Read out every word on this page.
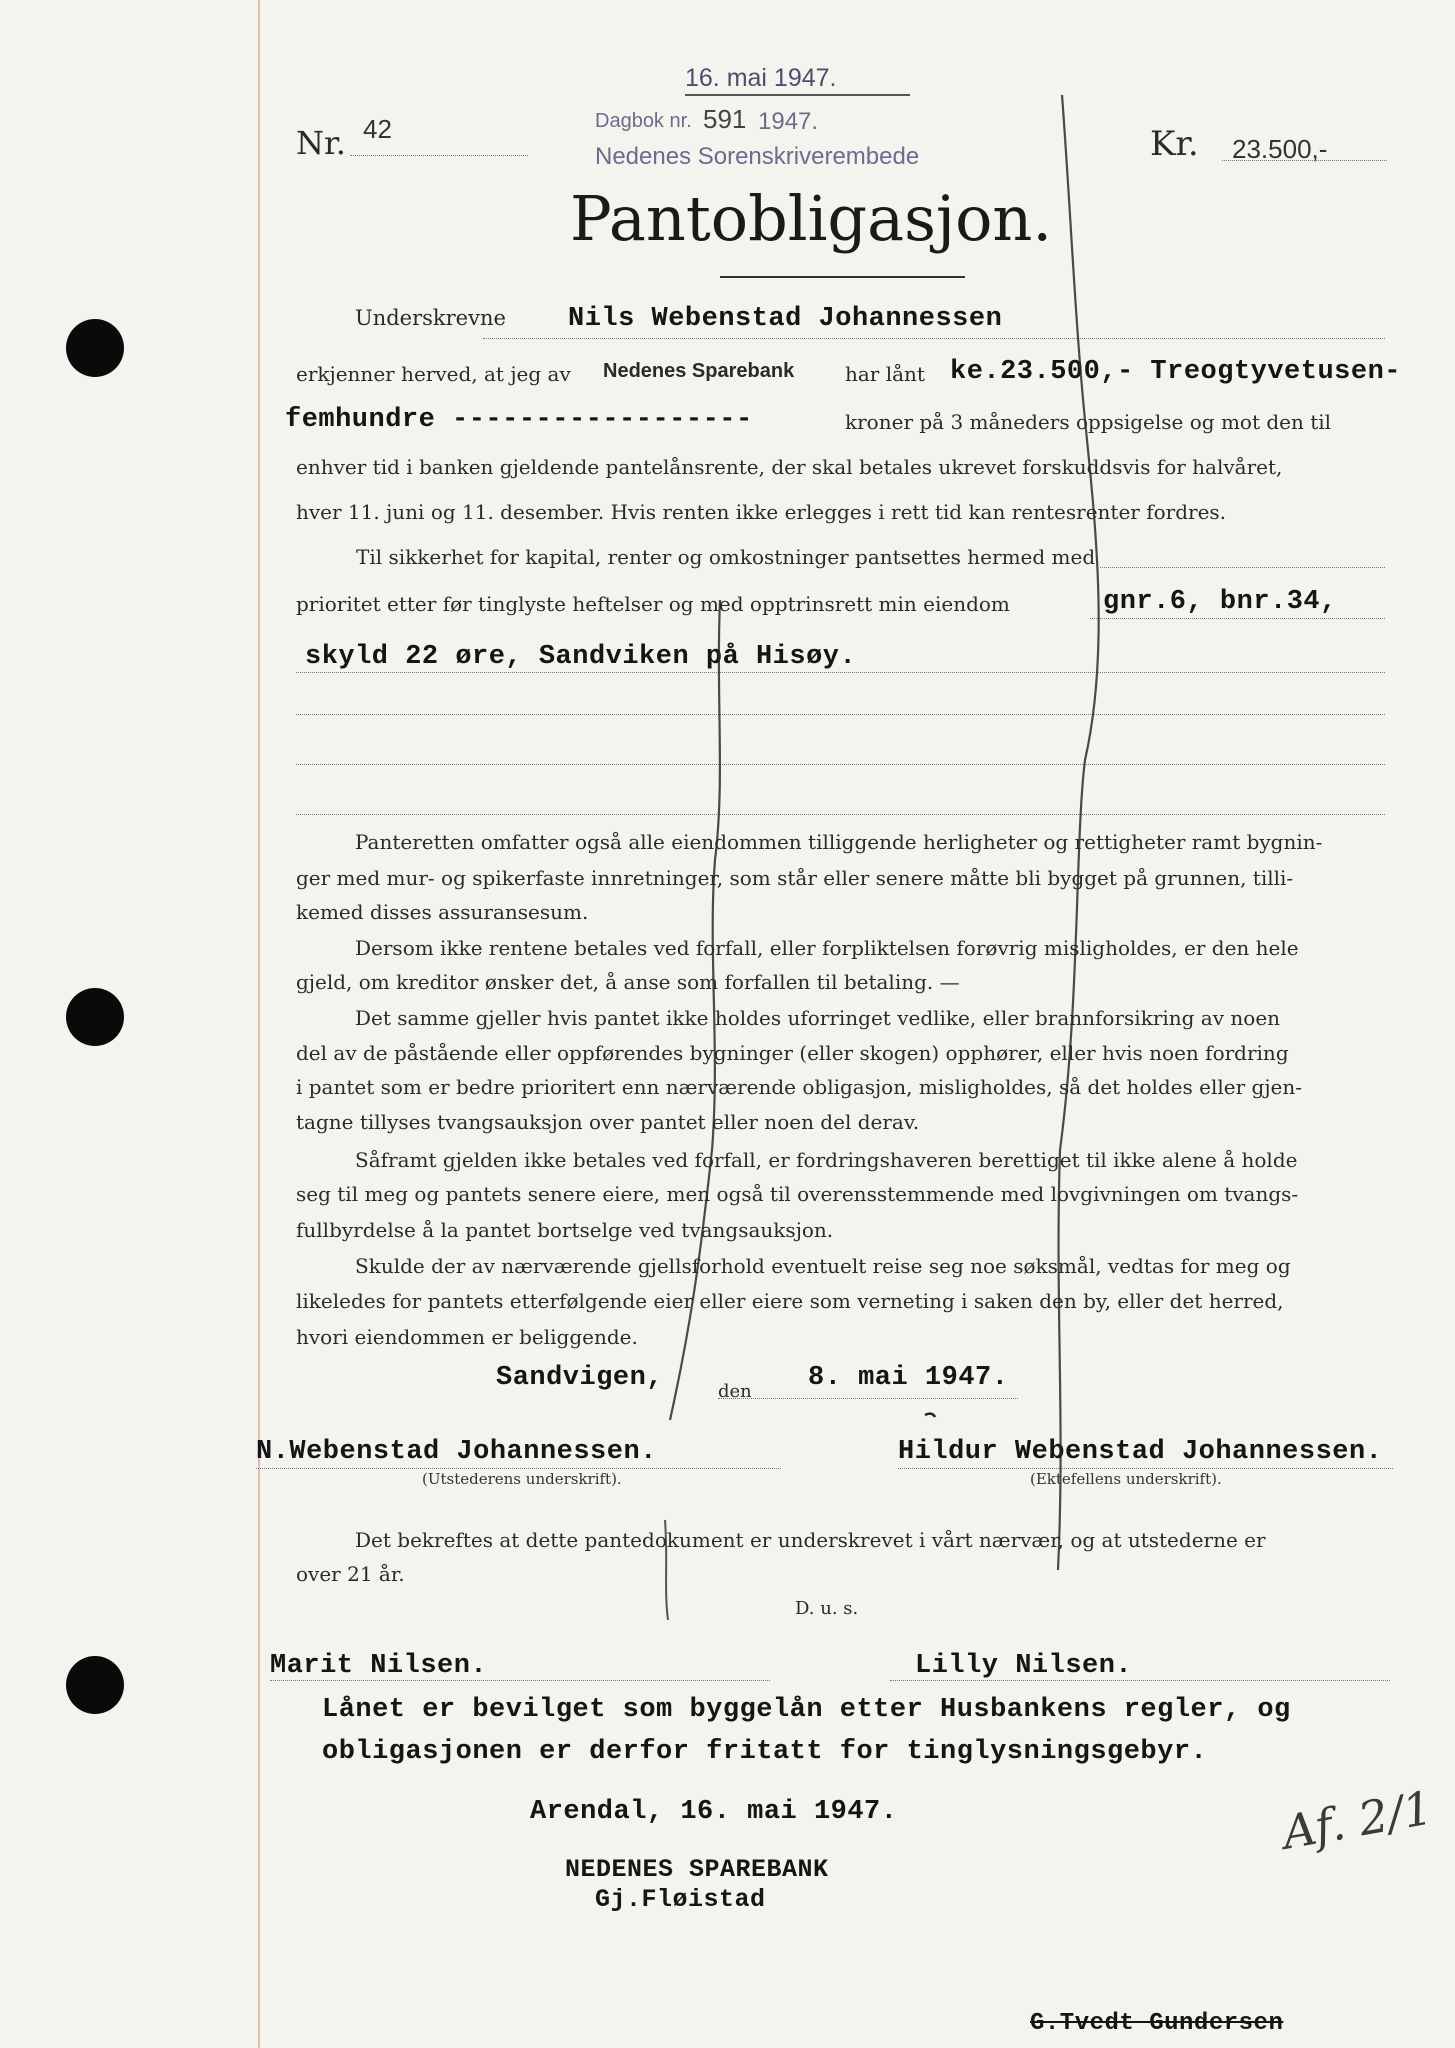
16. mai 1947.
Nr. 42	Dagbok nr. 591 1947.
Nedenes Sorenskriverembede	Kr. 23.500,-
Pantobligasjon.
Underskrevne Nils Webenstad Johannessen
erkjenner herved, at jeg av Nedenes Sparebank	har lånt ke.23.500,- Treogtyvetusen-
femhundre ------------------	kroner på 3 måneders oppsigelse og mot den til
enhver tid i banken gjeldende pantelånsrente, der skal betales ukrevet forskuddsvis for halvåret,
hver 11. juni og 11. desember. Hvis renten ikke erlegges i rett tid kan rentesrenter fordres.
Til sikkerhet for kapital, renter og omkostninger pantsettes hermed med
prioritet etter før tinglyste heftelser og med opptrinsrett min eiendom	gnr.6, bnr.34,
skyld 22 øre, Sandviken på Hisøy.
Panteretten omfatter også alle eiendommen tilliggende herligheter og rettigheter ramt bygnin-
ger med mur- og spikerfaste innretninger, som står eller senere måtte bli bygget på grunnen, tilli-
kemed disses assuransesum.
Dersom ikke rentene betales ved forfall, eller forpliktelsen forøvrig misligholdes, er den hele
gjeld, om kreditor ønsker det, å anse som forfallen til betaling. —
Det samme gjeller hvis pantet ikke holdes uforringet vedlike, eller brannforsikring av noen
del av de påstående eller oppførendes bygninger (eller skogen) opphører, eller hvis noen fordring
i pantet som er bedre prioritert enn nærværende obligasjon, misligholdes, så det holdes eller gjen-
tagne tillyses tvangsauksjon over pantet eller noen del derav.
Såframt gjelden ikke betales ved forfall, er fordringshaveren berettiget til ikke alene å holde
seg til meg og pantets senere eiere, men også til overensstemmende med lovgivningen om tvangs-
fullbyrdelse å la pantet bortselge ved tvangsauksjon.
Skulde der av nærværende gjellsforhold eventuelt reise seg noe søksmål, vedtas for meg og
likeledes for pantets etterfølgende eier eller eiere som verneting i saken den by, eller det herred,
hvori eiendommen er beliggende.
Sandvigen,	den 8. mai 1947.
N.Webenstad Johannessen.
(Utstederens underskrift).
Hildur Webenstad Johannessen.
(Ektefellens underskrift).
Det bekreftes at dette pantedokument er underskrevet i vårt nærvær, og at utstederne er
over 21 år.
D. u. s.
Marit Nilsen.	Lilly Nilsen.
Lånet er bevilget som byggelån etter Husbankens regler, og
obligasjonen er derfor fritatt for tinglysningsgebyr.
Arendal, 16. mai 1947.
NEDENES SPAREBANK
Gj.Fløistad
Af. 2/1
G.Tvedt Gundersen
